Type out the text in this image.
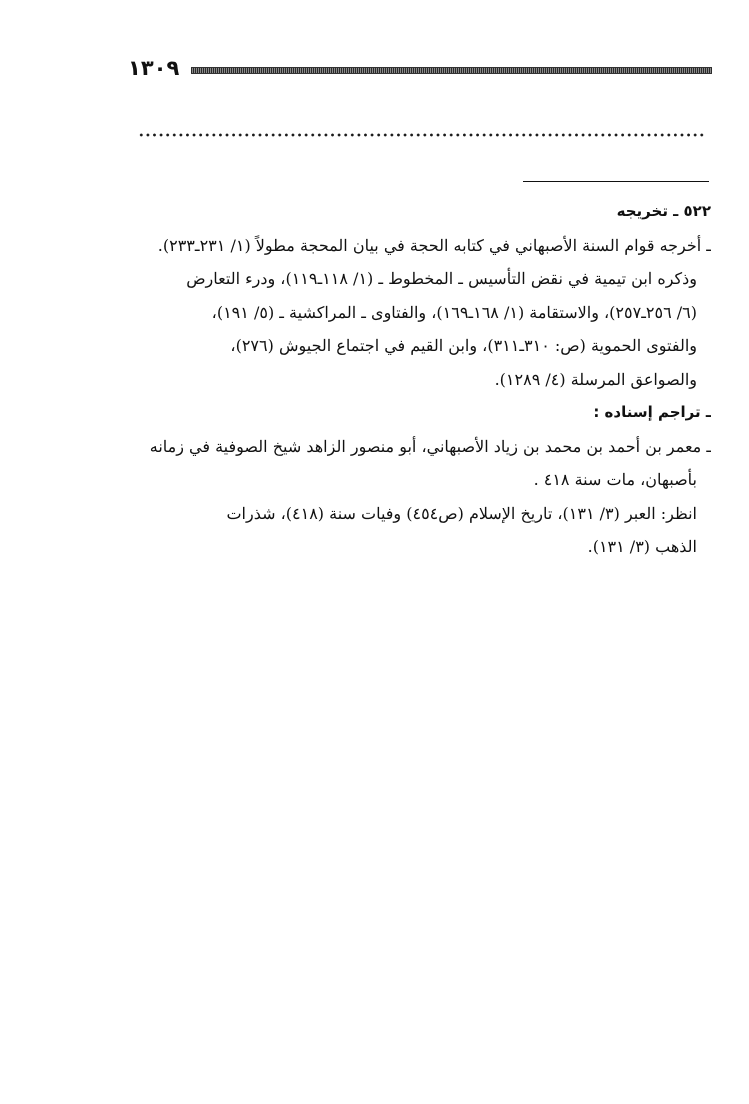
١٣٠٩
٥٢٢ ـ تخريجه
ـ أخرجه قوام السنة الأصبهاني في كتابه الحجة في بيان المحجة مطولاً (١/ ٢٣١ـ٢٣٣).
وذكره ابن تيمية في نقض التأسيس ـ المخطوط ـ (١/ ١١٨ـ١١٩)، ودرء التعارض
(٦/ ٢٥٦ـ٢٥٧)، والاستقامة (١/ ١٦٨ـ١٦٩)، والفتاوى ـ المراكشية ـ (٥/ ١٩١)،
والفتوى الحموية (ص: ٣١٠ـ٣١١)، وابن القيم في اجتماع الجيوش (٢٧٦)،
والصواعق المرسلة (٤/ ١٢٨٩).
ـ تراجم إسناده :
ـ معمر بن أحمد بن محمد بن زياد الأصبهاني، أبو منصور الزاهد شيخ الصوفية في زمانه
بأصبهان، مات سنة ٤١٨ .
انظر: العبر (٣/ ١٣١)، تاريخ الإسلام (ص٤٥٤) وفيات سنة (٤١٨)، شذرات
الذهب (٣/ ١٣١).
